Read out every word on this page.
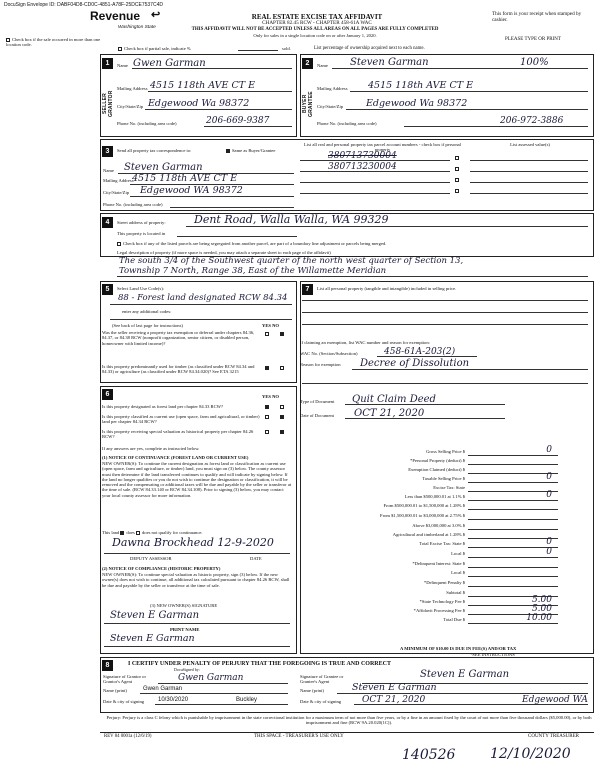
DocuSign Envelope ID: DABF04D8-CD0C-4851-A78F-25DCE7537C4D
Revenue ↩
Washington State
REAL ESTATE EXCISE TAX AFFIDAVIT
CHAPTER 82.45 RCW - CHAPTER 458-61A WAC
THIS AFFIDAVIT WILL NOT BE ACCEPTED UNLESS ALL AREAS ON ALL PAGES ARE FULLY COMPLETED
Only for sales in a single location code on or after January 1, 2020.
This form is your receipt when stamped by cashier.
PLEASE TYPE OR PRINT
Check box if the sale occurred in more than one location code.
Check box if partial sale, indicate %	sold.	List percentage of ownership acquired next to each name.
1
SELLER GRANTOR
Name Gwen Garman
Mailing Address 4515 118th AVE CT E
City/State/Zip Edgewood Wa 98372
Phone No. (including area code)	206-669-9387
2
BUYER GRANTEE
Name Steven Garman	100%
Mailing Address 4515 118th AVE CT E
City/State/Zip Edgewood Wa 98372
Phone No. (including area code)	206-972-3886
3	Send all property tax correspondence to:	Same as Buyer/Grantee
Name Steven Garman
Mailing Address
4515 118th AVE CT E
City/State/Zip Edgewood WA 98372
Phone No. (including area code)
List all real and personal property tax parcel account numbers - check box if personal property
List assessed value(s)
380713730004
380713230004
4	Street address of property:	Dent Road, Walla Walla, WA 99329
This property is located in
Check box if any of the listed parcels are being segregated from another parcel, are part of a boundary line adjustment or parcels being merged.
Legal description of property (if more space is needed, you may attach a separate sheet to each page of the affidavit)
The south 3/4 of the Southwest quarter of the north west quarter of Section 13,
Township 7 North, Range 38, East of the Willamette Meridian
5	Select Land Use Code(s):
88 - Forest land designated RCW 84.34
enter any additional codes:
(See back of last page for instructions)	YES NO
Was the seller receiving a property tax exemption or deferral under chapters 84.36, 84.37, or 84.38 RCW (nonprofit organization, senior citizen, or disabled person, homeowner with limited income)?
Is this property predominantly used for timber (as classified under RCW 84.34 and 84.33) or agriculture (as classified under RCW 84.34.020)? See ETA 3215
6	YES NO
Is this property designated as forest land per chapter 84.33 RCW?
Is this property classified as current use (open space, farm and agricultural, or timber) land per chapter 84.34 RCW?
Is this property receiving special valuation as historical property per chapter 84.26 RCW?
If any answers are yes, complete as instructed below.
(1) NOTICE OF CONTINUANCE (FOREST LAND OR CURRENT USE)
NEW OWNER(S): To continue the current designation as forest land or classification as current use (open space, farm and agriculture, or timber) land, you must sign on (3) below. The county assessor must then determine if the land transferred continues to qualify and will indicate by signing below. If the land no longer qualifies or you do not wish to continue the designation or classification, it will be removed and the compensating or additional taxes will be due and payable by the seller or transferor at the time of sale. (RCW 84.33.140 or RCW 84.34.108). Prior to signing (3) below, you may contact your local county assessor for more information.
This land does does not qualify for continuance.
Dawna Brockhead 12-9-2020
DEPUTY ASSESSOR	DATE
(2) NOTICE OF COMPLIANCE (HISTORIC PROPERTY)
NEW OWNER(S): To continue special valuation as historic property, sign (3) below. If the new owner(s) does not wish to continue, all additional tax calculated pursuant to chapter 84.26 RCW, shall be due and payable by the seller or transferor at the time of sale.
(3) NEW OWNER(S) SIGNATURE
Steven E Garman
PRINT NAME
Steven E Garman
7	List all personal property (tangible and intangible) included in selling price.
If claiming an exemption, list WAC number and reason for exemption:
WAC No. (Section/Subsection)	458-61A-203(2)
Reason for exemption Decree of Dissolution
Type of Document Quit Claim Deed
Date of Document OCT 21, 2020
Gross Selling Price $	0
*Personal Property (deduct) $
Exemption Claimed (deduct) $
Taxable Selling Price $	0
Excise Tax: State
Less than $500,000.01 at 1.1% $	0
From $500,000.01 to $1,500,000 at 1.28% $
From $1,500,000.01 to $3,000,000 at 2.75% $
Above $3,000,000 at 3.0% $
Agricultural and timberland at 1.28% $
Total Excise Tax: State $	0
Local $	0
*Delinquent Interest: State $
Local $
*Delinquent Penalty $
Subtotal $
*State Technology Fee $	5.00
*Affidavit Processing Fee $	5.00
Total Due $	10.00
A MINIMUM OF $10.00 IS DUE IN FEE(S) AND/OR TAX
*SEE INSTRUCTIONS
8	I CERTIFY UNDER PENALTY OF PERJURY THAT THE FOREGOING IS TRUE AND CORRECT
Signature of Grantor or Grantor's Agent
DocuSigned by:
Gwen Garman
Name (print)	Gwen Garman
Date & city of signing 10/30/2020	Buckley
Signature of Grantee or Grantee's Agent
Steven E Garman
Name (print)	Steven E Garman
Date & city of signing OCT 21, 2020	Edgewood WA
Perjury: Perjury is a class C felony which is punishable by imprisonment in the state correctional institution for a maximum term of not more than five years, or by a fine in an amount fixed by the court of not more than five thousand dollars ($5,000.00), or by both imprisonment and fine (RCW 9A.20.020(1C)).
REV 84 0001a (12/6/19)	THIS SPACE - TREASURER'S USE ONLY	COUNTY TREASURER
140526 12/10/2020
